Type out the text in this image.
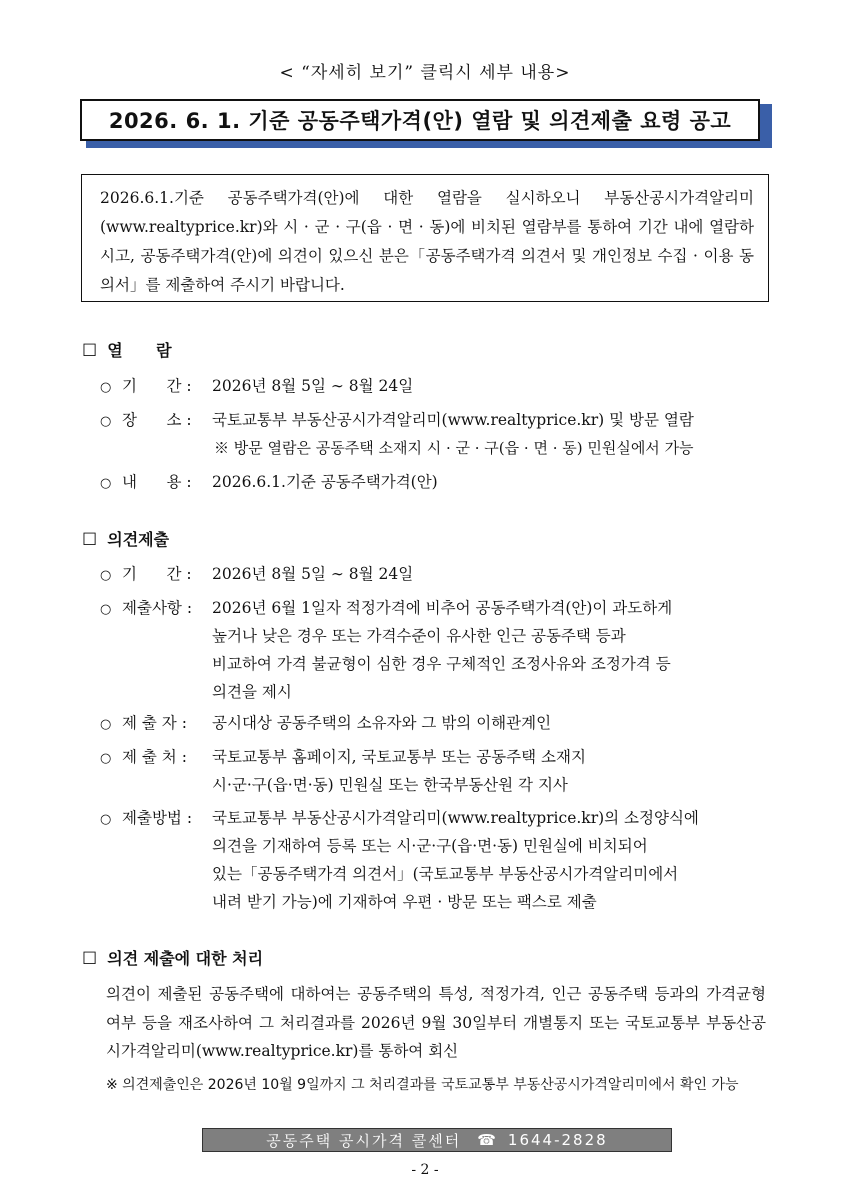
< “자세히 보기” 클릭시 세부 내용>
2026. 6. 1. 기준 공동주택가격(안) 열람 및 의견제출 요령 공고
2026.6.1.기준 공동주택가격(안)에 대한 열람을 실시하오니 부동산공시가격알리미(www.realtyprice.kr)와 시 · 군 · 구(읍 · 면 · 동)에 비치된 열람부를 통하여 기간 내에 열람하시고, 공동주택가격(안)에 의견이 있으신 분은「공동주택가격 의견서 및 개인정보 수집 · 이용 동의서」를 제출하여 주시기 바랍니다.
☐ 열      람
○ 기      간 : 2026년 8월 5일 ∼ 8월 24일
○ 장      소 : 국토교통부 부동산공시가격알리미(www.realtyprice.kr) 및 방문 열람
※ 방문 열람은 공동주택 소재지 시 · 군 · 구(읍 · 면 · 동) 민원실에서 가능
○ 내      용 : 2026.6.1.기준 공동주택가격(안)
☐ 의견제출
○ 기      간 : 2026년 8월 5일 ∼ 8월 24일
○ 제출사항 : 2026년 6월 1일자 적정가격에 비추어 공동주택가격(안)이 과도하게
높거나 낮은 경우 또는 가격수준이 유사한 인근 공동주택 등과
비교하여 가격 불균형이 심한 경우 구체적인 조정사유와 조정가격 등
의견을 제시
○ 제 출 자 : 공시대상 공동주택의 소유자와 그 밖의 이해관계인
○ 제 출 처 : 국토교통부 홈페이지, 국토교통부 또는 공동주택 소재지
시·군·구(읍·면·동) 민원실 또는 한국부동산원 각 지사
○ 제출방법 : 국토교통부 부동산공시가격알리미(www.realtyprice.kr)의 소정양식에
의견을 기재하여 등록 또는 시·군·구(읍·면·동) 민원실에 비치되어
있는「공동주택가격 의견서」(국토교통부 부동산공시가격알리미에서
내려 받기 가능)에 기재하여 우편 · 방문 또는 팩스로 제출
☐ 의견 제출에 대한 처리
의견이 제출된 공동주택에 대하여는 공동주택의 특성, 적정가격, 인근 공동주택 등과의 가격균형 여부 등을 재조사하여 그 처리결과를 2026년 9월 30일부터 개별통지 또는 국토교통부 부동산공시가격알리미(www.realtyprice.kr)를 통하여 회신
※ 의견제출인은 2026년 10월 9일까지 그 처리결과를 국토교통부 부동산공시가격알리미에서 확인 가능
공동주택 공시가격 콜센터 ☎ 1644-2828
- 2 -
